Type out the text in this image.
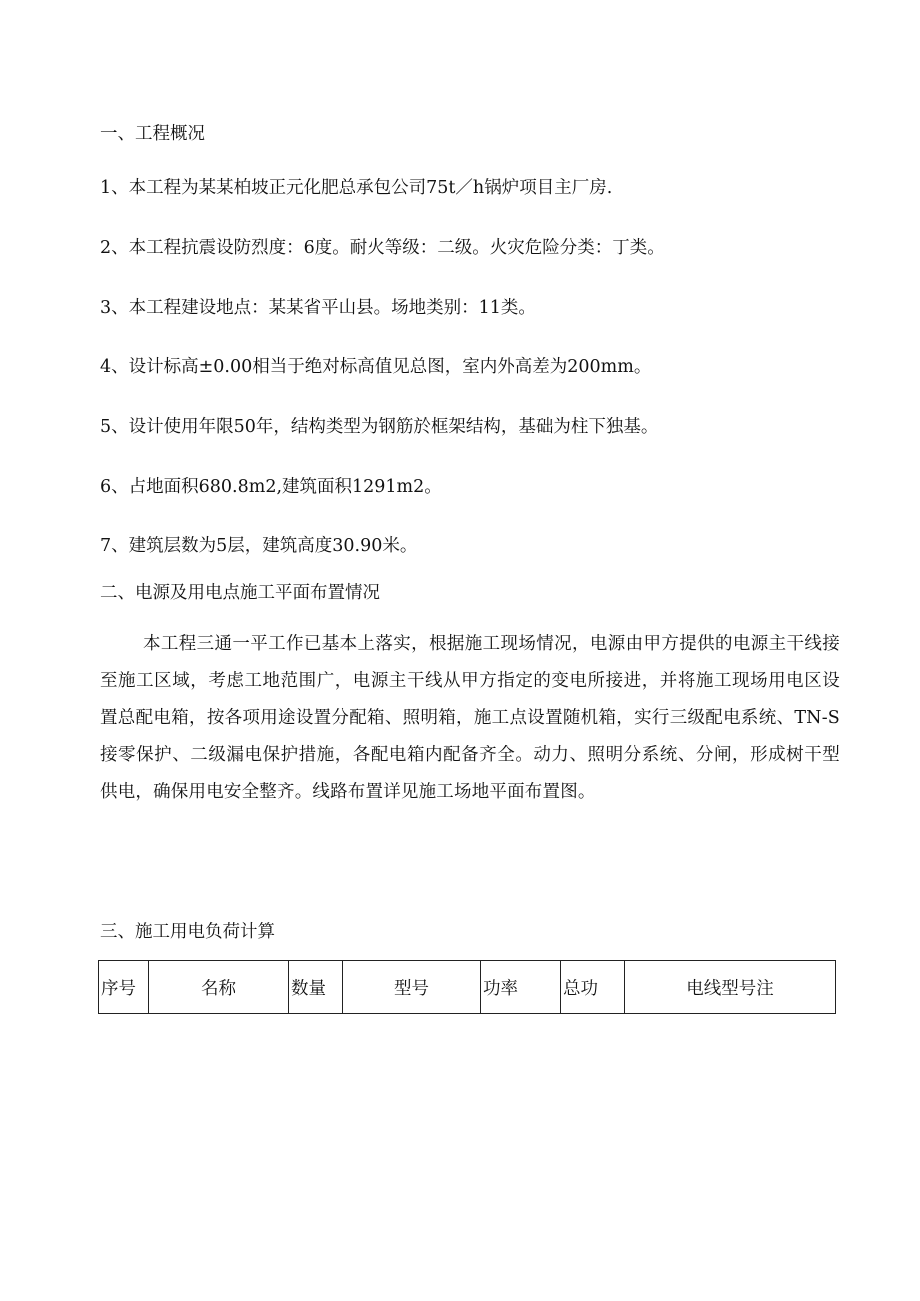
一、工程概况
1、本工程为某某柏坡正元化肥总承包公司75t／h锅炉项目主厂房.
2、本工程抗震设防烈度：6度。耐火等级：二级。火灾危险分类：丁类。
3、本工程建设地点：某某省平山县。场地类别：11类。
4、设计标高±0.00相当于绝对标高值见总图，室内外高差为200mm。
5、设计使用年限50年，结构类型为钢筋於框架结构，基础为柱下独基。
6、占地面积680.8m2,建筑面积1291m2。
7、建筑层数为5层，建筑高度30.90米。
二、电源及用电点施工平面布置情况
本工程三通一平工作已基本上落实，根据施工现场情况，电源由甲方提供的电源主干线接至施工区域，考虑工地范围广，电源主干线从甲方指定的变电所接进，并将施工现场用电区设置总配电箱，按各项用途设置分配箱、照明箱，施工点设置随机箱，实行三级配电系统、TN-S接零保护、二级漏电保护措施，各配电箱内配备齐全。动力、照明分系统、分闸，形成树干型供电，确保用电安全整齐。线路布置详见施工场地平面布置图。
三、施工用电负荷计算
序号	名称	数量	型号	功率	总功	电线型号注
